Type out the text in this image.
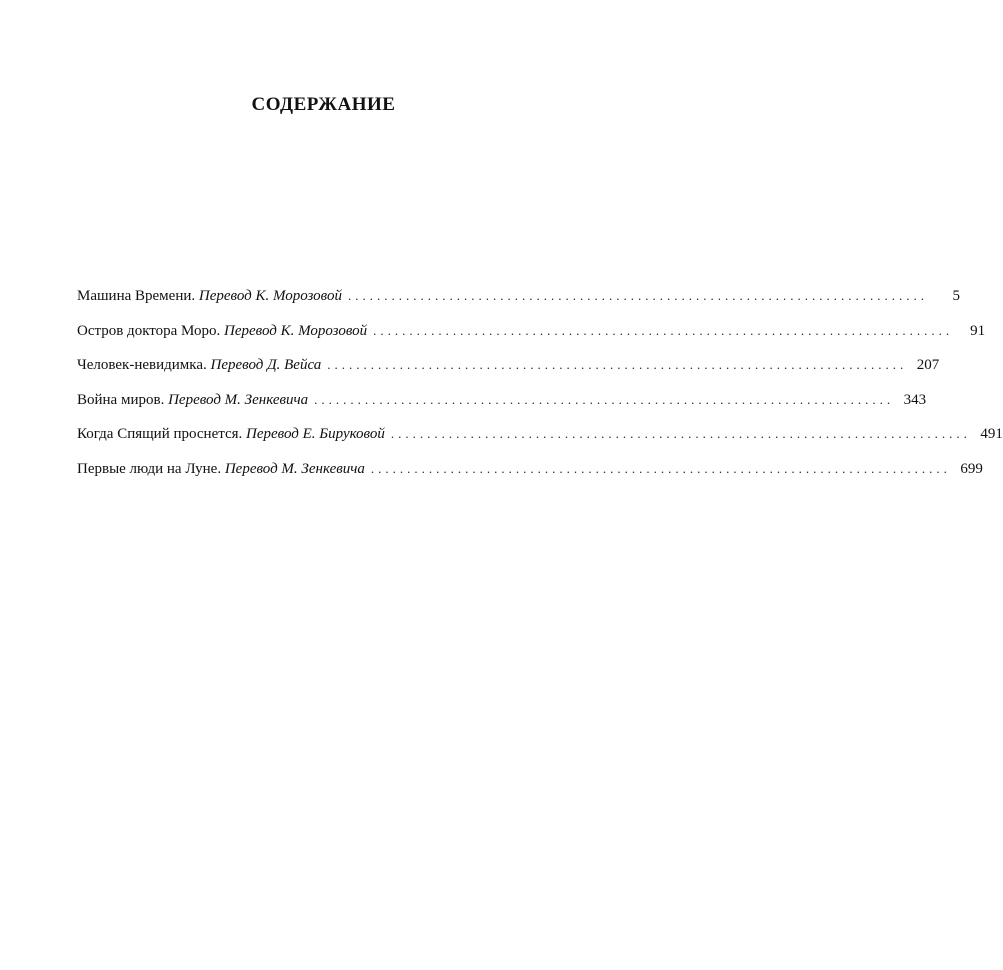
СОДЕРЖАНИЕ
Машина Времени.
Перевод К. Морозовой ................................................................................	5
Остров доктора Моро.
Перевод К. Морозовой ................................................................................	91
Человек-невидимка.
Перевод Д. Вейса ................................................................................ 207
Война миров.
Перевод М. Зенкевича ................................................................................ 343
Когда Спящий проснется.
Перевод Е. Бируковой ................................................................................ 491
Первые люди на Луне.
Перевод М. Зенкевича ................................................................................ 699
